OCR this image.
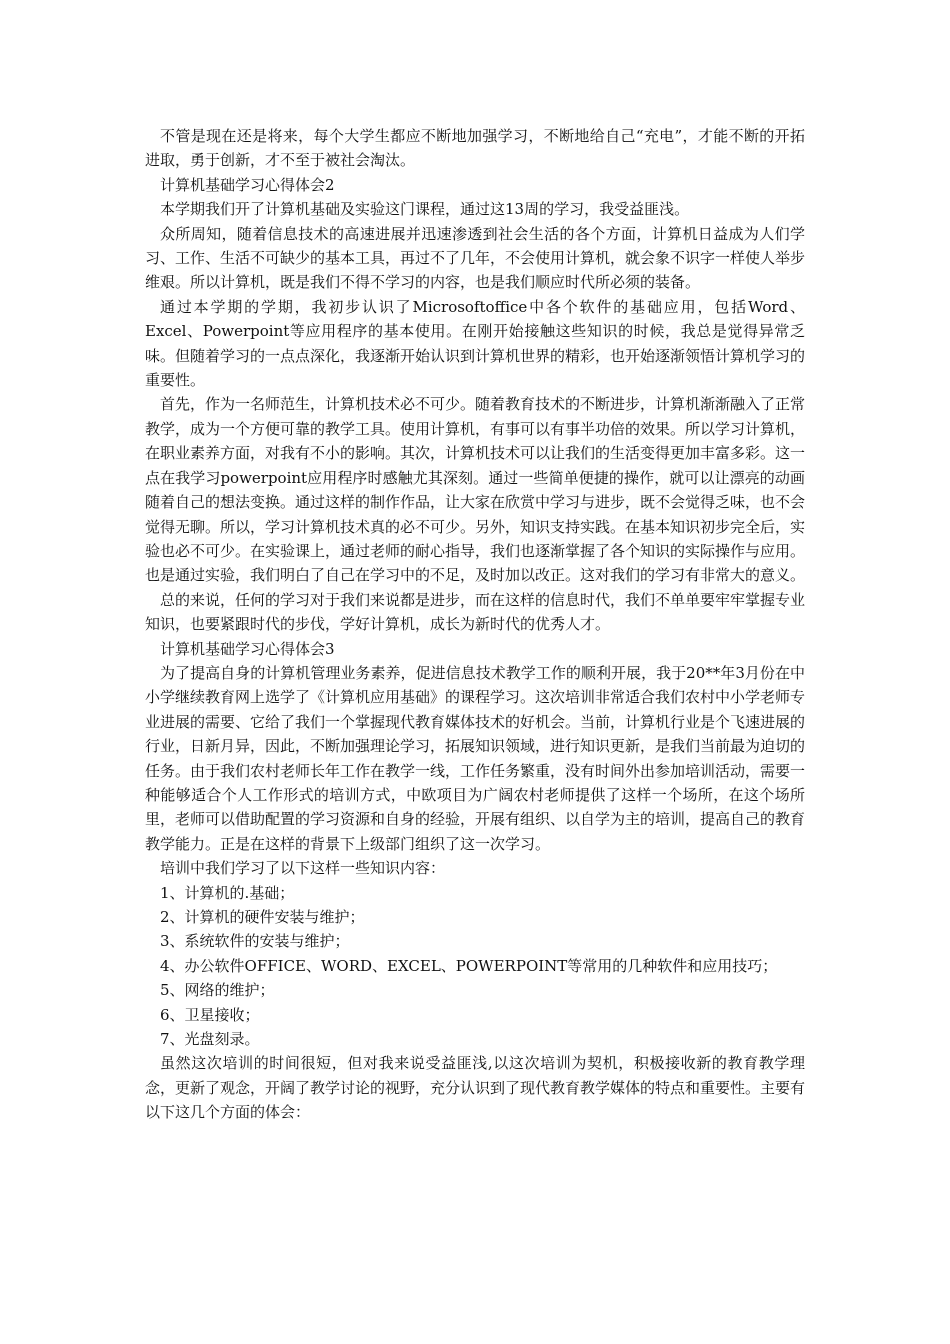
不管是现在还是将来，每个大学生都应不断地加强学习，不断地给自己“充电”，才能不断的开拓进取，勇于创新，才不至于被社会淘汰。

计算机基础学习心得体会2

本学期我们开了计算机基础及实验这门课程，通过这13周的学习，我受益匪浅。

众所周知，随着信息技术的高速进展并迅速渗透到社会生活的各个方面，计算机日益成为人们学习、工作、生活不可缺少的基本工具，再过不了几年，不会使用计算机，就会象不识字一样使人举步维艰。所以计算机，既是我们不得不学习的内容，也是我们顺应时代所必须的装备。

通过本学期的学期，我初步认识了Microsoftoffice中各个软件的基础应用，包括Word、Excel、Powerpoint等应用程序的基本使用。在刚开始接触这些知识的时候，我总是觉得异常乏味。但随着学习的一点点深化，我逐渐开始认识到计算机世界的精彩，也开始逐渐领悟计算机学习的重要性。

首先，作为一名师范生，计算机技术必不可少。随着教育技术的不断进步，计算机渐渐融入了正常教学，成为一个方便可靠的教学工具。使用计算机，有事可以有事半功倍的效果。所以学习计算机，在职业素养方面，对我有不小的影响。其次，计算机技术可以让我们的生活变得更加丰富多彩。这一点在我学习powerpoint应用程序时感触尤其深刻。通过一些简单便捷的操作，就可以让漂亮的动画随着自己的想法变换。通过这样的制作作品，让大家在欣赏中学习与进步，既不会觉得乏味，也不会觉得无聊。所以，学习计算机技术真的必不可少。另外，知识支持实践。在基本知识初步完全后，实验也必不可少。在实验课上，通过老师的耐心指导，我们也逐渐掌握了各个知识的实际操作与应用。也是通过实验，我们明白了自己在学习中的不足，及时加以改正。这对我们的学习有非常大的意义。

总的来说，任何的学习对于我们来说都是进步，而在这样的信息时代，我们不单单要牢牢掌握专业知识，也要紧跟时代的步伐，学好计算机，成长为新时代的优秀人才。

计算机基础学习心得体会3

为了提高自身的计算机管理业务素养，促进信息技术教学工作的顺利开展，我于20**年3月份在中小学继续教育网上选学了《计算机应用基础》的课程学习。这次培训非常适合我们农村中小学老师专业进展的需要、它给了我们一个掌握现代教育媒体技术的好机会。当前，计算机行业是个飞速进展的行业，日新月异，因此，不断加强理论学习，拓展知识领域，进行知识更新，是我们当前最为迫切的任务。由于我们农村老师长年工作在教学一线，工作任务繁重，没有时间外出参加培训活动，需要一种能够适合个人工作形式的培训方式，中欧项目为广阔农村老师提供了这样一个场所，在这个场所里，老师可以借助配置的学习资源和自身的经验，开展有组织、以自学为主的培训，提高自己的教育教学能力。正是在这样的背景下上级部门组织了这一次学习。

培训中我们学习了以下这样一些知识内容：

1、计算机的.基础；

2、计算机的硬件安装与维护；

3、系统软件的安装与维护；

4、办公软件OFFICE、WORD、EXCEL、POWERPOINT等常用的几种软件和应用技巧；

5、网络的维护；

6、卫星接收；

7、光盘刻录。

虽然这次培训的时间很短，但对我来说受益匪浅,以这次培训为契机，积极接收新的教育教学理念，更新了观念，开阔了教学讨论的视野，充分认识到了现代教育教学媒体的特点和重要性。主要有以下这几个方面的体会：
